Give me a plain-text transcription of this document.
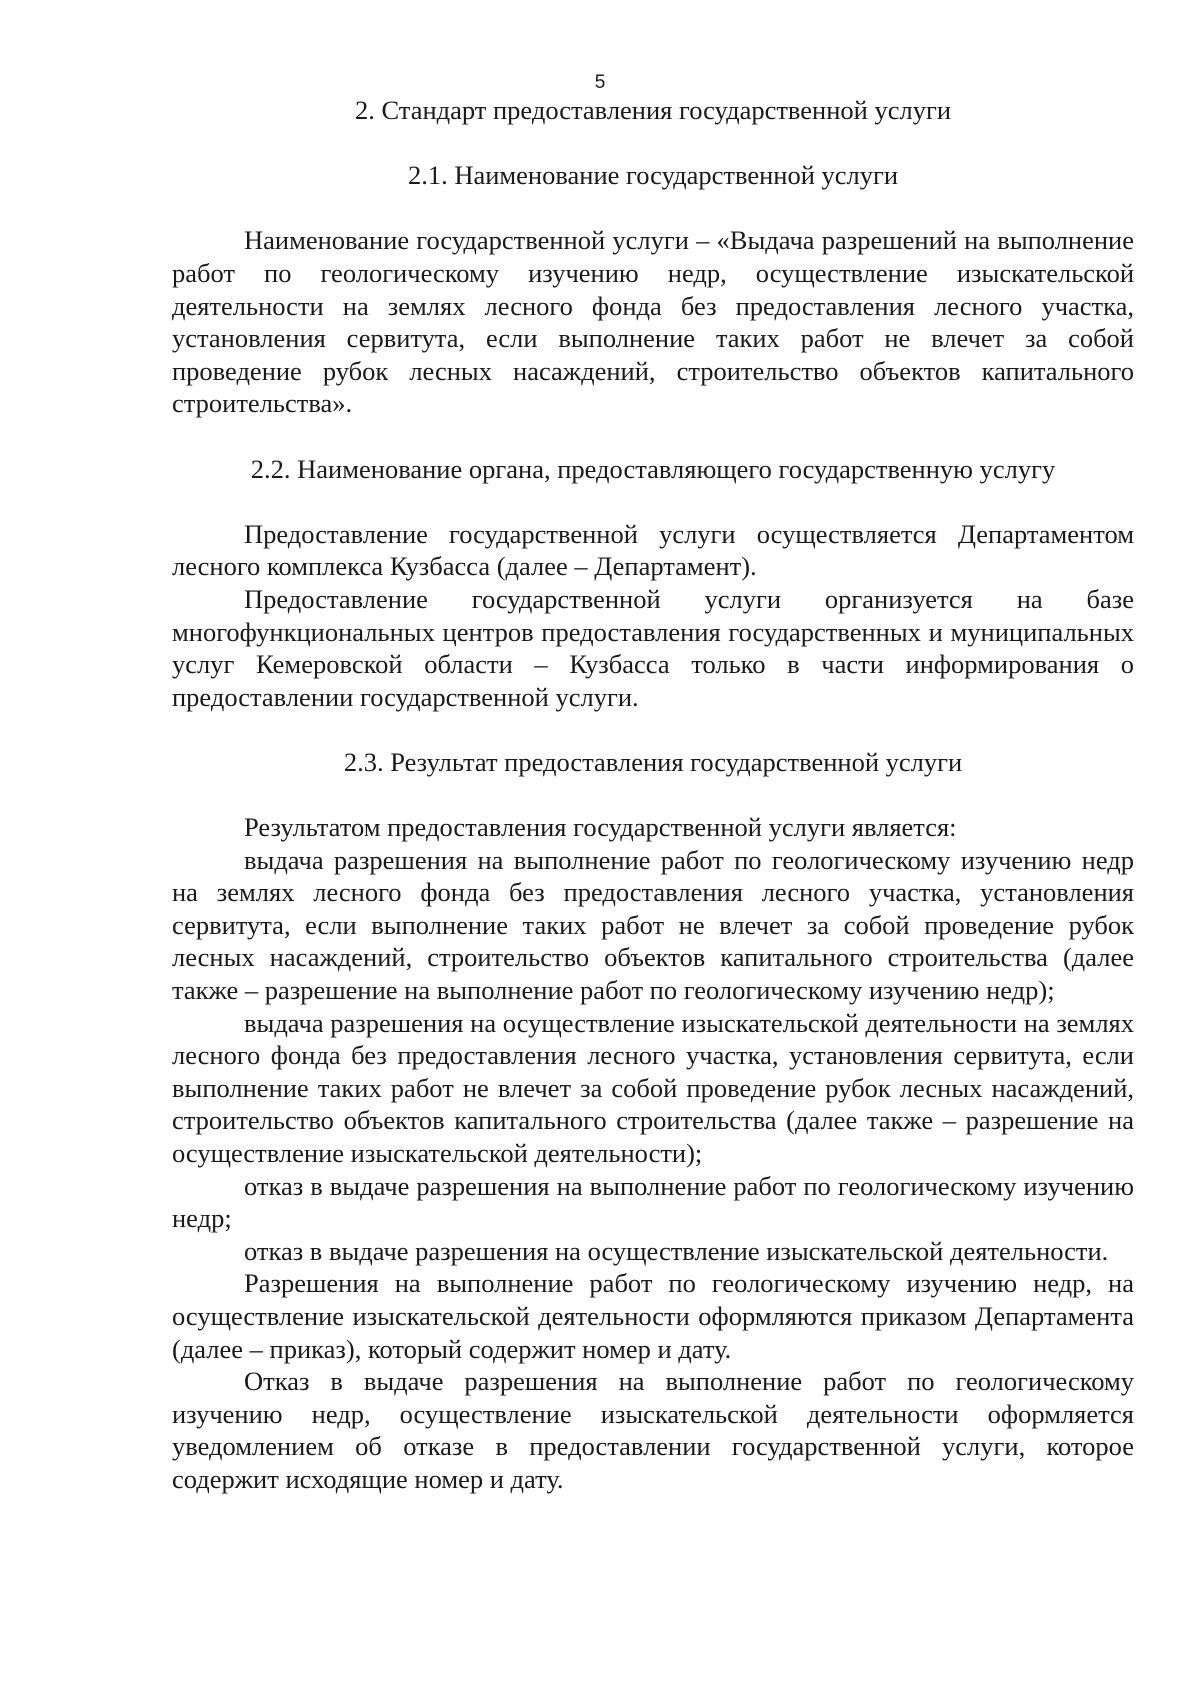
5

2. Стандарт предоставления государственной услуги

2.1. Наименование государственной услуги

Наименование государственной услуги – «Выдача разрешений на выполнение работ по геологическому изучению недр, осуществление изыскательской деятельности на землях лесного фонда без предоставления лесного участка, установления сервитута, если выполнение таких работ не влечет за собой проведение рубок лесных насаждений, строительство объектов капитального строительства».

2.2. Наименование органа, предоставляющего государственную услугу

Предоставление государственной услуги осуществляется Департаментом лесного комплекса Кузбасса (далее – Департамент).

Предоставление государственной услуги организуется на базе многофункциональных центров предоставления государственных и муниципальных услуг Кемеровской области – Кузбасса только в части информирования о предоставлении государственной услуги.

2.3. Результат предоставления государственной услуги

Результатом предоставления государственной услуги является:

выдача разрешения на выполнение работ по геологическому изучению недр на землях лесного фонда без предоставления лесного участка, установления сервитута, если выполнение таких работ не влечет за собой проведение рубок лесных насаждений, строительство объектов капитального строительства (далее также – разрешение на выполнение работ по геологическому изучению недр);

выдача разрешения на осуществление изыскательской деятельности на землях лесного фонда без предоставления лесного участка, установления сервитута, если выполнение таких работ не влечет за собой проведение рубок лесных насаждений, строительство объектов капитального строительства (далее также – разрешение на осуществление изыскательской деятельности);

отказ в выдаче разрешения на выполнение работ по геологическому изучению недр;

отказ в выдаче разрешения на осуществление изыскательской деятельности.

Разрешения на выполнение работ по геологическому изучению недр, на осуществление изыскательской деятельности оформляются приказом Департамента (далее – приказ), который содержит номер и дату.

Отказ в выдаче разрешения на выполнение работ по геологическому изучению недр, осуществление изыскательской деятельности оформляется уведомлением об отказе в предоставлении государственной услуги, которое содержит исходящие номер и дату.
